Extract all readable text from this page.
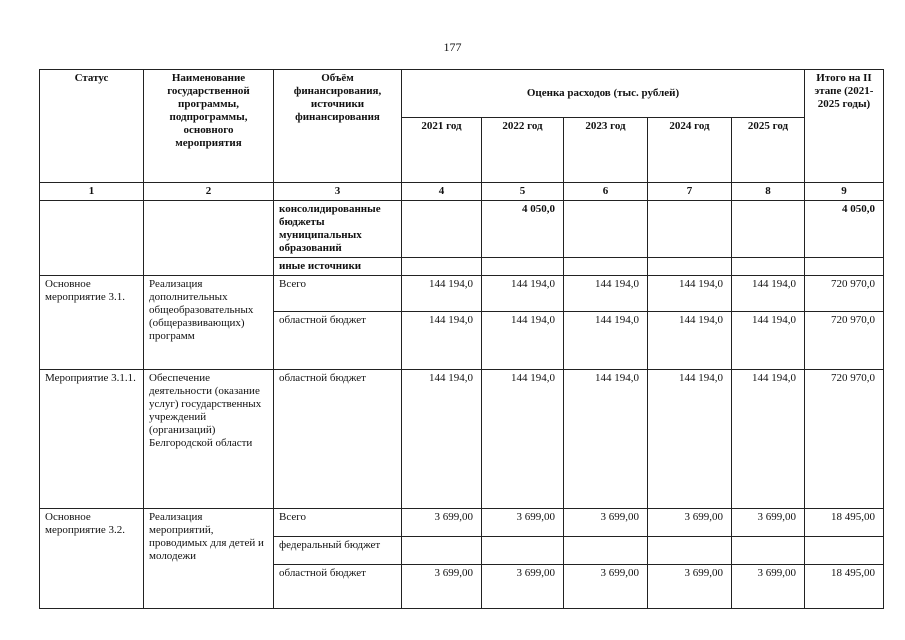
177
Статус	Наименование государственной программы, подпрограммы, основного мероприятия	Объём финансирования, источники финансирования	Оценка расходов (тыс. рублей)					Итого на II этапе (2021-2025 годы)
			2021 год	2022 год	2023 год	2024 год	2025 год	
1	2	3	4	5	6	7	8	9
		консолидированные бюджеты муниципальных образований		4 050,0				4 050,0
		иные источники						
Основное мероприятие 3.1.	Реализация дополнительных общеобразовательных (общеразвивающих) программ	Всего	144 194,0	144 194,0	144 194,0	144 194,0	144 194,0	720 970,0
		областной бюджет	144 194,0	144 194,0	144 194,0	144 194,0	144 194,0	720 970,0
Мероприятие 3.1.1.	Обеспечение деятельности (оказание услуг) государственных учреждений (организаций) Белгородской области	областной бюджет	144 194,0	144 194,0	144 194,0	144 194,0	144 194,0	720 970,0
Основное мероприятие 3.2.	Реализация мероприятий, проводимых для детей и молодежи	Всего	3 699,00	3 699,00	3 699,00	3 699,00	3 699,00	18 495,00
		федеральный бюджет						
		областной бюджет	3 699,00	3 699,00	3 699,00	3 699,00	3 699,00	18 495,00
